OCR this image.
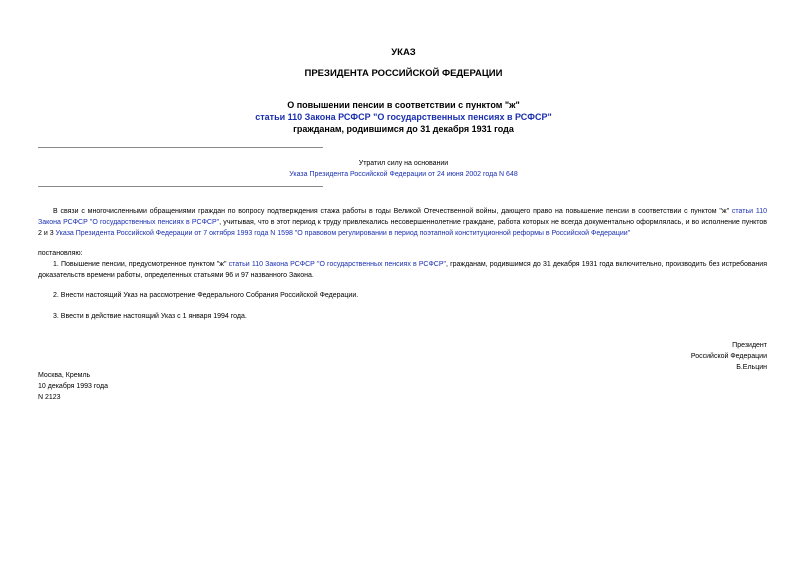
УКАЗ
ПРЕЗИДЕНТА РОССИЙСКОЙ ФЕДЕРАЦИИ
О повышении пенсии в соответствии с пунктом "ж"
статьи 110 Закона РСФСР "О государственных пенсиях в РСФСР"
гражданам, родившимся до 31 декабря 1931 года
Утратил силу на основании
Указа Президента Российской Федерации от 24 июня 2002 года N 648
В связи с многочисленными обращениями граждан по вопросу подтверждения стажа работы в годы Великой Отечественной войны, дающего право на повышение пенсии в соответствии с пунктом "ж" статьи 110 Закона РСФСР "О государственных пенсиях в РСФСР", учитывая, что в этот период к труду привлекались несовершеннолетние граждане, работа которых не всегда документально оформлялась, и во исполнение пунктов 2 и 3 Указа Президента Российской Федерации от 7 октября 1993 года N 1598 "О правовом регулировании в период поэтапной конституционной реформы в Российской Федерации"
постановляю:
1. Повышение пенсии, предусмотренное пунктом "ж" статьи 110 Закона РСФСР "О государственных пенсиях в РСФСР", гражданам, родившимся до 31 декабря 1931 года включительно, производить без истребования доказательств времени работы, определенных статьями 96 и 97 названного Закона.
2. Внести настоящий Указ на рассмотрение Федерального Собрания Российской Федерации.
3. Ввести в действие настоящий Указ с 1 января 1994 года.
Президент
Российской Федерации
Б.Ельцин
Москва, Кремль
10 декабря 1993 года
N 2123
